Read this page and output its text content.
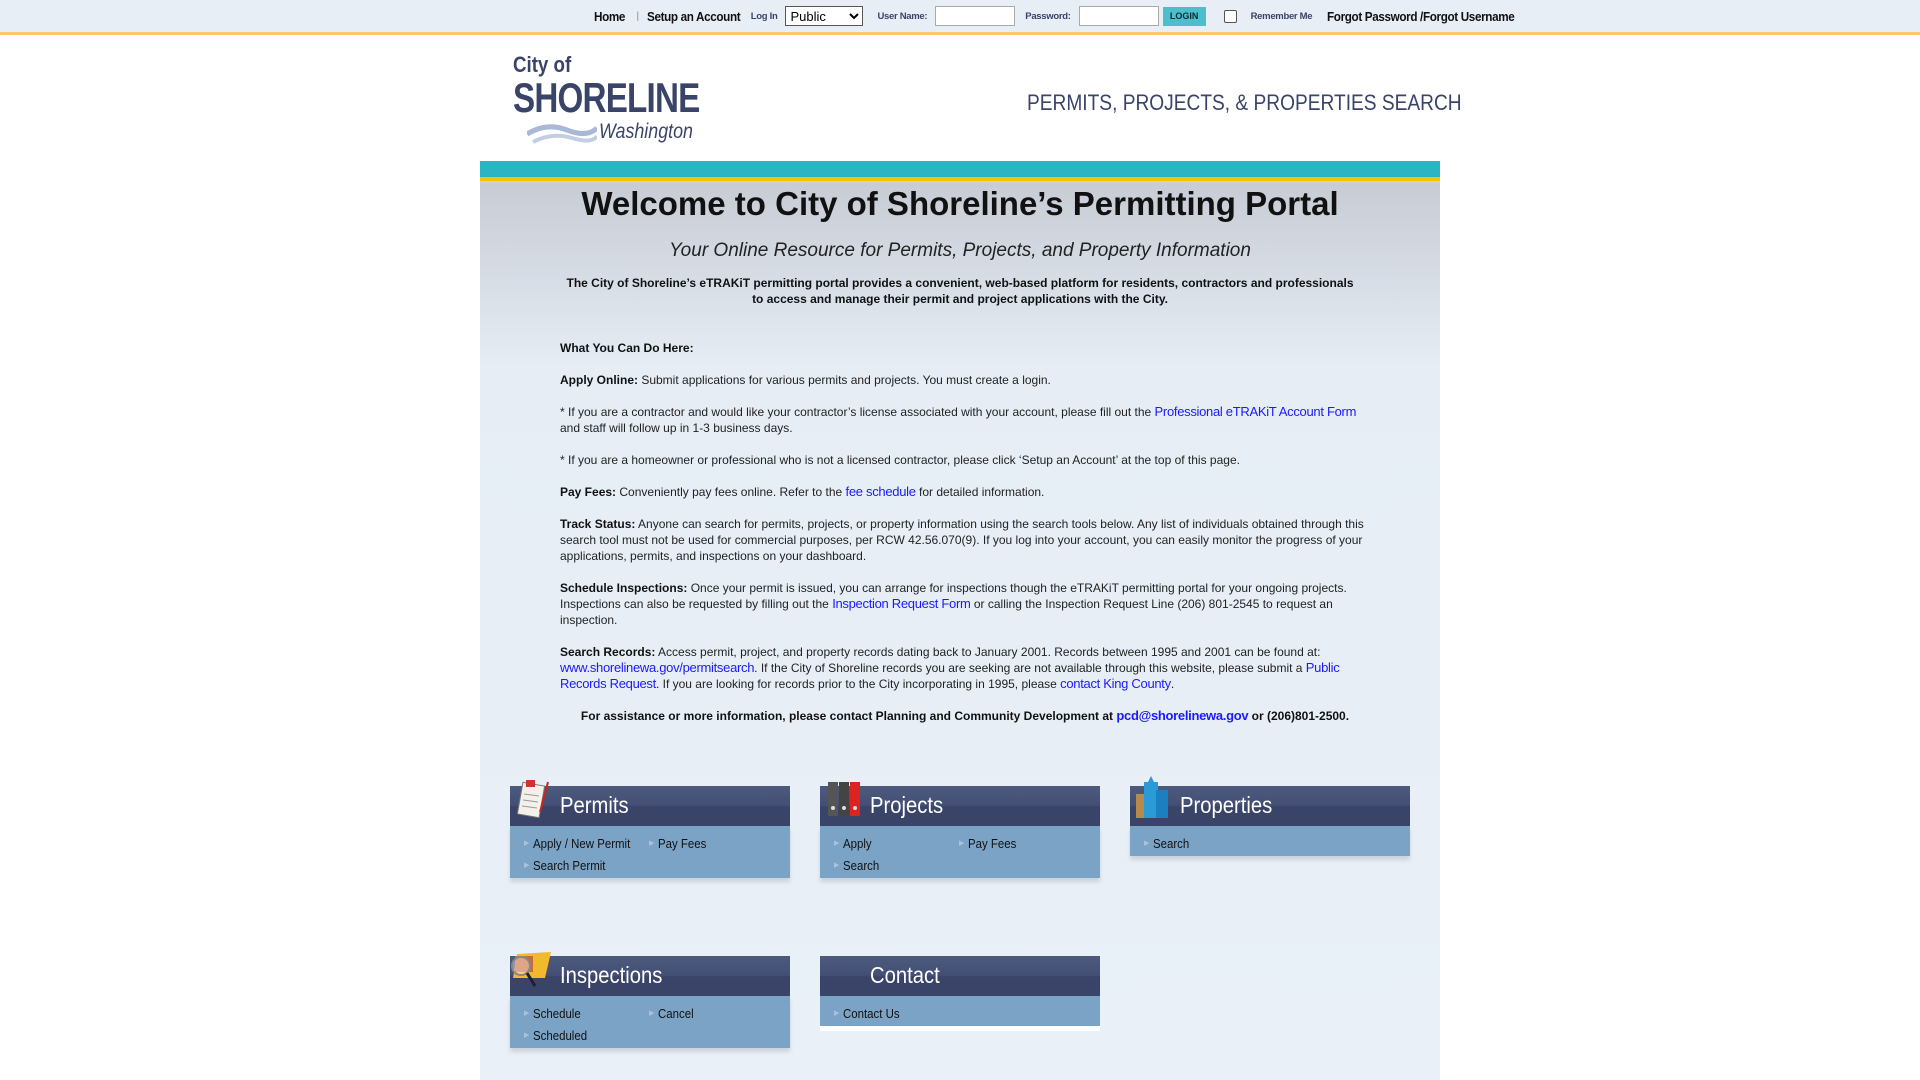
Home | Setup an Account Log In
Public	User Name:	Password:	LOGIN	Remember Me Forgot Password /Forgot Username
City of
SHORELINE
Washington
PERMITS, PROJECTS, & PROPERTIES SEARCH
Welcome to City of Shoreline’s Permitting Portal
Your Online Resource for Permits, Projects, and Property Information
The City of Shoreline’s eTRAKiT permitting portal provides a convenient, web-based platform for residents, contractors and professionals to access and manage their permit and project applications with the City.

What You Can Do Here:

Apply Online: Submit applications for various permits and projects. You must create a login.

* If you are a contractor and would like your contractor’s license associated with your account, please fill out the Professional eTRAKiT Account Form and staff will follow up in 1-3 business days.

* If you are a homeowner or professional who is not a licensed contractor, please click ‘Setup an Account’ at the top of this page.

Pay Fees: Conveniently pay fees online. Refer to the fee schedule for detailed information.

Track Status: Anyone can search for permits, projects, or property information using the search tools below. Any list of individuals obtained through this search tool must not be used for commercial purposes, per RCW 42.56.070(9). If you log into your account, you can easily monitor the progress of your applications, permits, and inspections on your dashboard.

Schedule Inspections: Once your permit is issued, you can arrange for inspections though the eTRAKiT permitting portal for your ongoing projects. Inspections can also be requested by filling out the Inspection Request Form or calling the Inspection Request Line (206) 801-2545 to request an inspection.

Search Records: Access permit, project, and property records dating back to January 2001. Records between 1995 and 2001 can be found at: www.shorelinewa.gov/permitsearch. If the City of Shoreline records you are seeking are not available through this website, please submit a Public Records Request. If you are looking for records prior to the City incorporating in 1995, please contact King County.

For assistance or more information, please contact Planning and Community Development at pcd@shorelinewa.gov or (206)801-2500.

Permits
▶ Apply / New Permit	▶ Pay Fees
▶ Search Permit
Projects
▶ Apply	▶ Pay Fees
▶ Search
Properties
▶ Search
Inspections
▶ Schedule	▶ Cancel
▶ Scheduled
Contact
▶ Contact Us
